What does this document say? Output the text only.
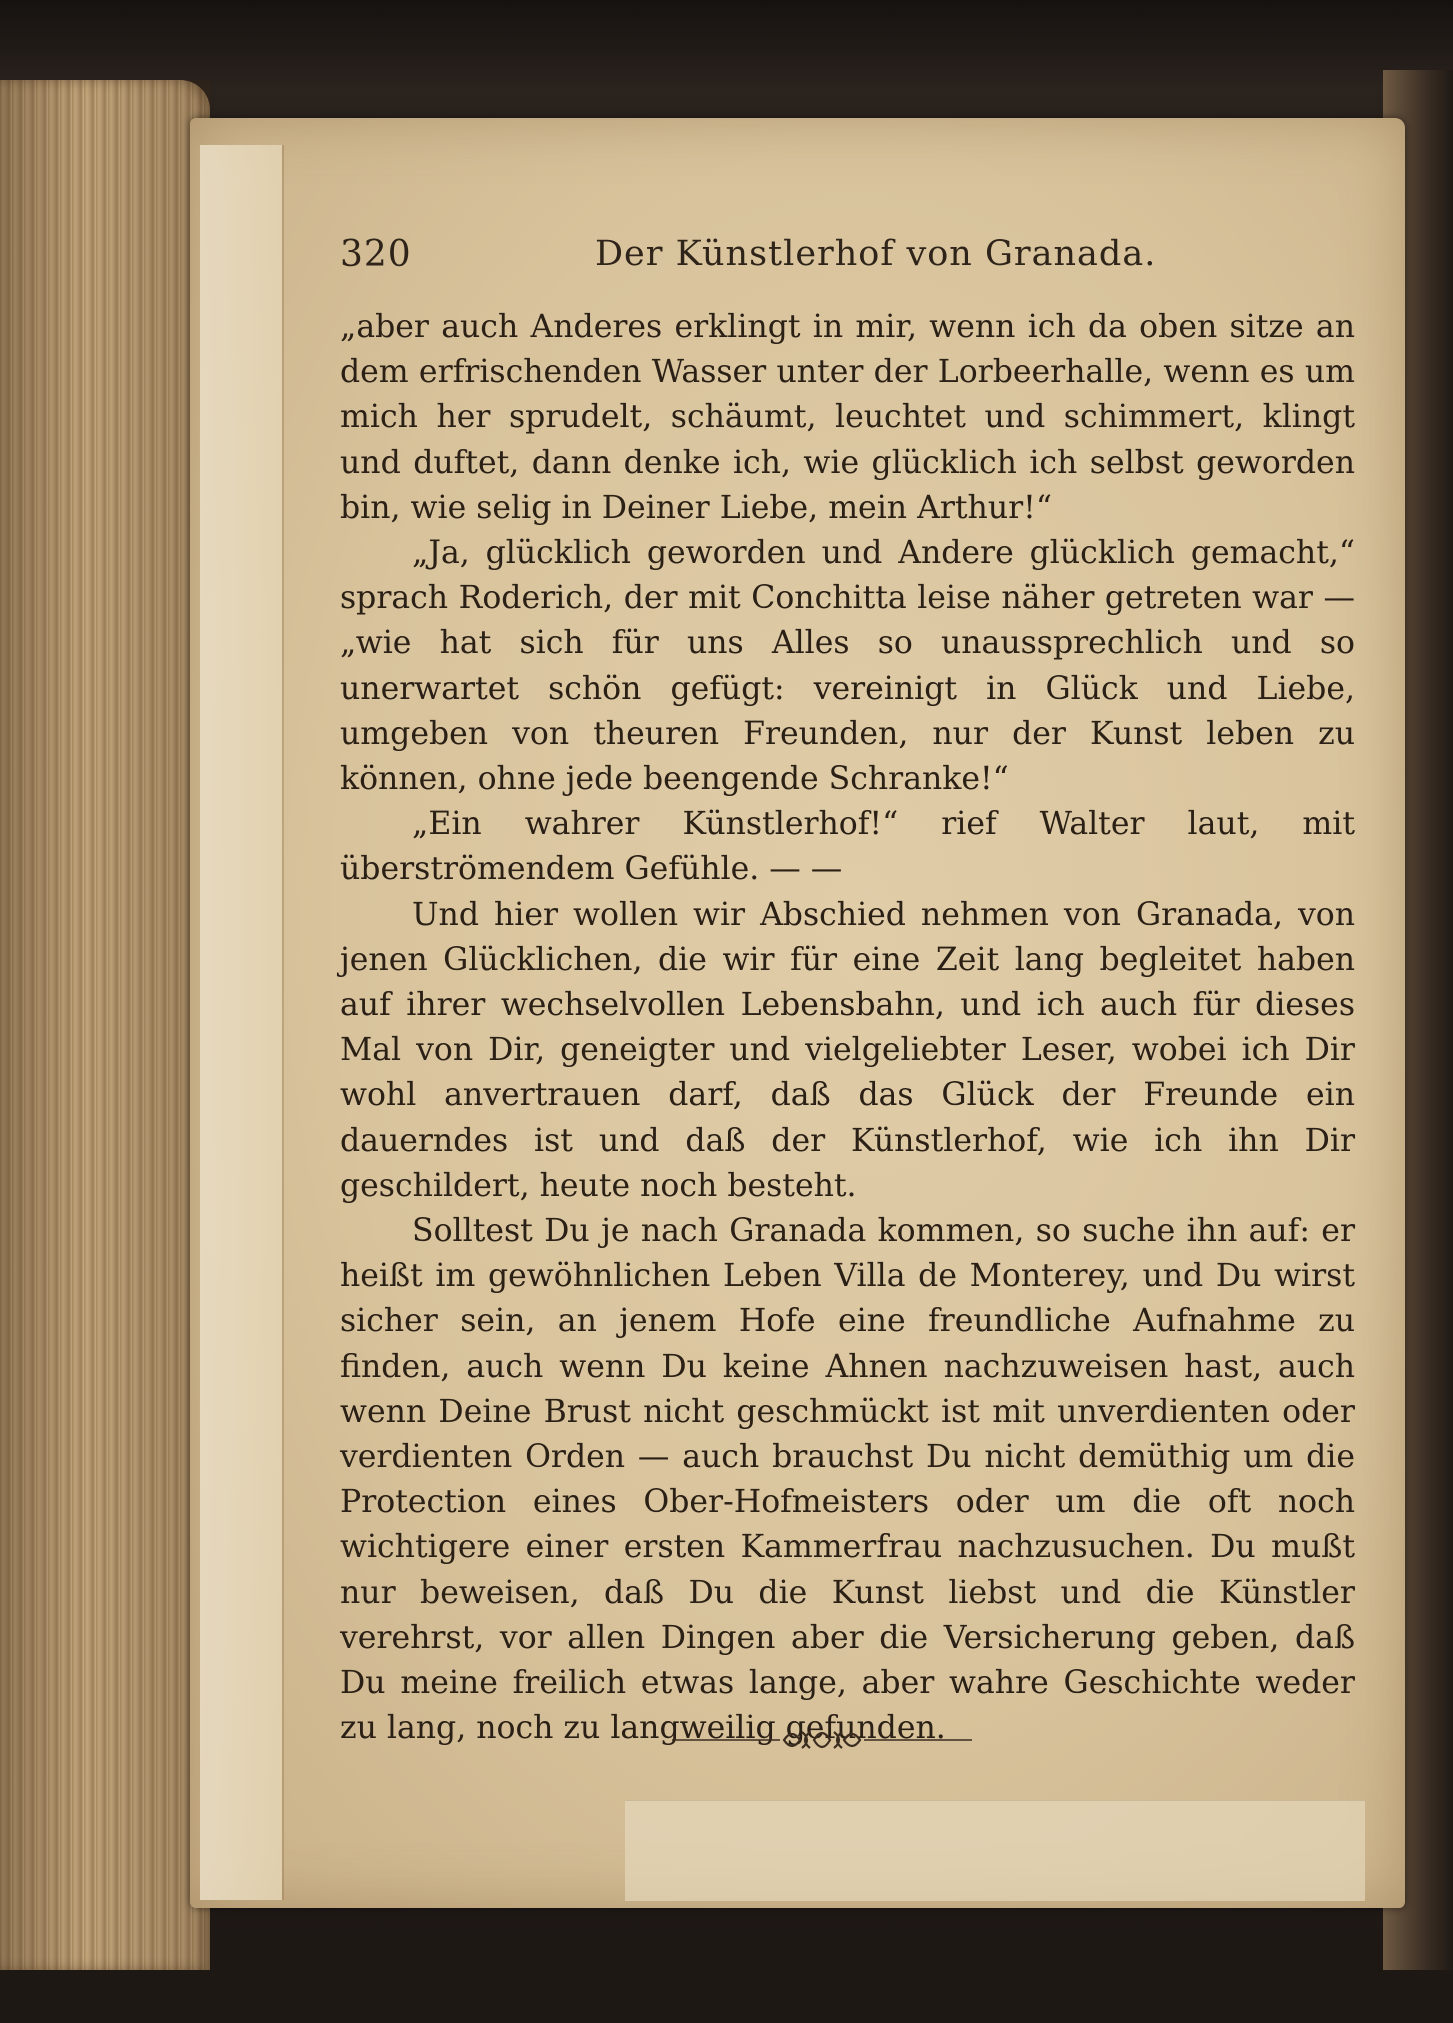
320	Der Künstlerhof von Granada.

„aber auch Anderes erklingt in mir, wenn ich da oben sitze an dem erfrischenden Wasser unter der Lorbeerhalle, wenn es um mich her sprudelt, schäumt, leuchtet und schimmert, klingt und duftet, dann denke ich, wie glücklich ich selbst geworden bin, wie selig in Deiner Liebe, mein Arthur!“

„Ja, glücklich geworden und Andere glücklich gemacht,“ sprach Roderich, der mit Conchitta leise näher getreten war — „wie hat sich für uns Alles so unaussprechlich und so unerwartet schön gefügt: vereinigt in Glück und Liebe, umgeben von theuren Freunden, nur der Kunst leben zu können, ohne jede beengende Schranke!“

„Ein wahrer Künstlerhof!“ rief Walter laut, mit überströmendem Gefühle. — —

Und hier wollen wir Abschied nehmen von Granada, von jenen Glücklichen, die wir für eine Zeit lang begleitet haben auf ihrer wechselvollen Lebensbahn, und ich auch für dieses Mal von Dir, geneigter und vielgeliebter Leser, wobei ich Dir wohl anvertrauen darf, daß das Glück der Freunde ein dauerndes ist und daß der Künstlerhof, wie ich ihn Dir geschildert, heute noch besteht.

Solltest Du je nach Granada kommen, so suche ihn auf: er heißt im gewöhnlichen Leben Villa de Monterey, und Du wirst sicher sein, an jenem Hofe eine freundliche Aufnahme zu finden, auch wenn Du keine Ahnen nachzuweisen hast, auch wenn Deine Brust nicht geschmückt ist mit unverdienten oder verdienten Orden — auch brauchst Du nicht demüthig um die Protection eines Ober-Hofmeisters oder um die oft noch wichtigere einer ersten Kammerfrau nachzusuchen. Du mußt nur beweisen, daß Du die Kunst liebst und die Künstler verehrst, vor allen Dingen aber die Versicherung geben, daß Du meine freilich etwas lange, aber wahre Geschichte weder zu lang, noch zu langweilig gefunden.
